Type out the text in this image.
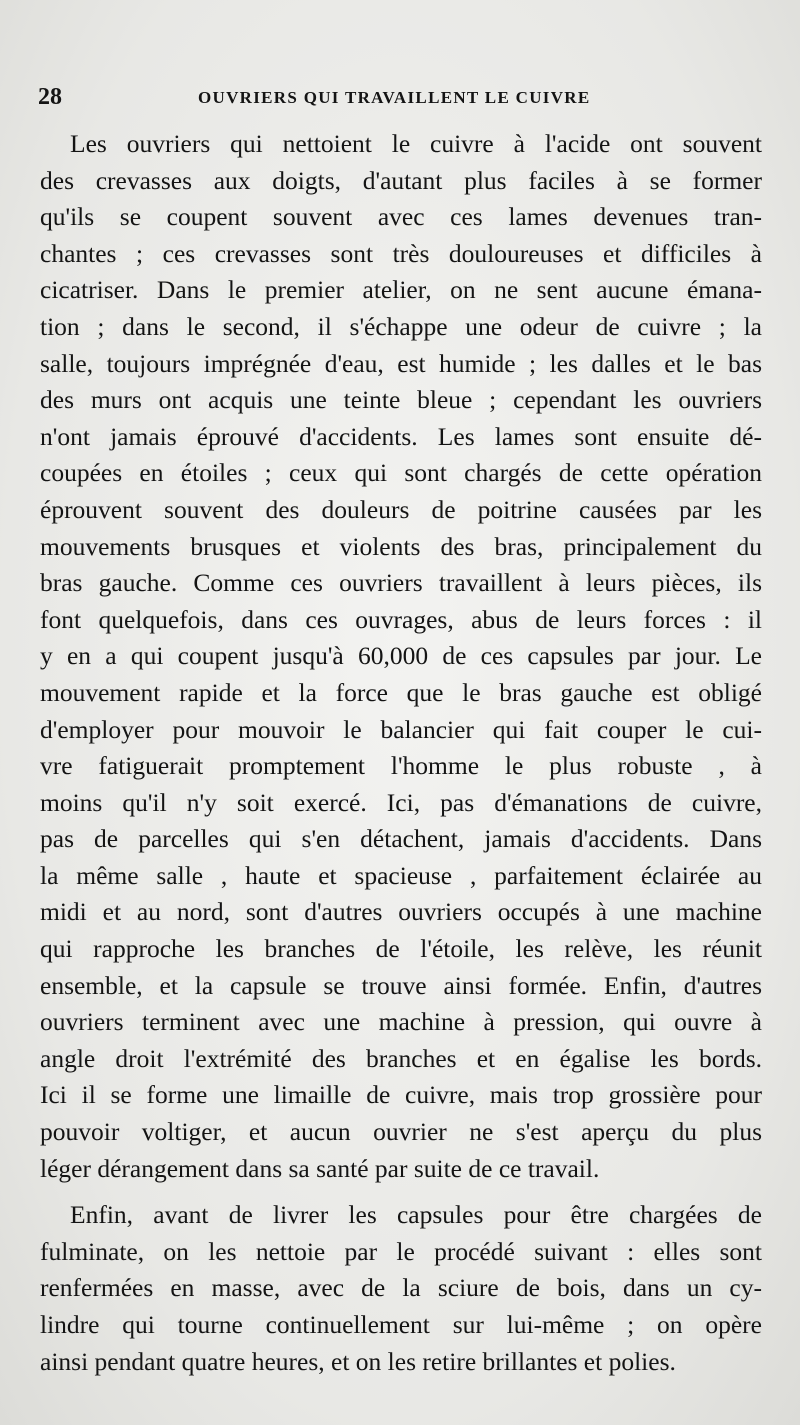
28	OUVRIERS QUI TRAVAILLENT LE CUIVRE

Les ouvriers qui nettoient le cuivre à l'acide ont souvent
des crevasses aux doigts, d'autant plus faciles à se former
qu'ils se coupent souvent avec ces lames devenues tran-
chantes ; ces crevasses sont très douloureuses et difficiles à
cicatriser. Dans le premier atelier, on ne sent aucune émana-
tion ; dans le second, il s'échappe une odeur de cuivre ; la
salle, toujours imprégnée d'eau, est humide ; les dalles et le bas
des murs ont acquis une teinte bleue ; cependant les ouvriers
n'ont jamais éprouvé d'accidents. Les lames sont ensuite dé-
coupées en étoiles ; ceux qui sont chargés de cette opération
éprouvent souvent des douleurs de poitrine causées par les
mouvements brusques et violents des bras, principalement du
bras gauche. Comme ces ouvriers travaillent à leurs pièces, ils
font quelquefois, dans ces ouvrages, abus de leurs forces : il
y en a qui coupent jusqu'à 60,000 de ces capsules par jour. Le
mouvement rapide et la force que le bras gauche est obligé
d'employer pour mouvoir le balancier qui fait couper le cui-
vre fatiguerait promptement l'homme le plus robuste , à
moins qu'il n'y soit exercé. Ici, pas d'émanations de cuivre,
pas de parcelles qui s'en détachent, jamais d'accidents. Dans
la même salle , haute et spacieuse , parfaitement éclairée au
midi et au nord, sont d'autres ouvriers occupés à une machine
qui rapproche les branches de l'étoile, les relève, les réunit
ensemble, et la capsule se trouve ainsi formée. Enfin, d'autres
ouvriers terminent avec une machine à pression, qui ouvre à
angle droit l'extrémité des branches et en égalise les bords.
Ici il se forme une limaille de cuivre, mais trop grossière pour
pouvoir voltiger, et aucun ouvrier ne s'est aperçu du plus
léger dérangement dans sa santé par suite de ce travail.

Enfin, avant de livrer les capsules pour être chargées de
fulminate, on les nettoie par le procédé suivant : elles sont
renfermées en masse, avec de la sciure de bois, dans un cy-
lindre qui tourne continuellement sur lui-même ; on opère
ainsi pendant quatre heures, et on les retire brillantes et polies.
